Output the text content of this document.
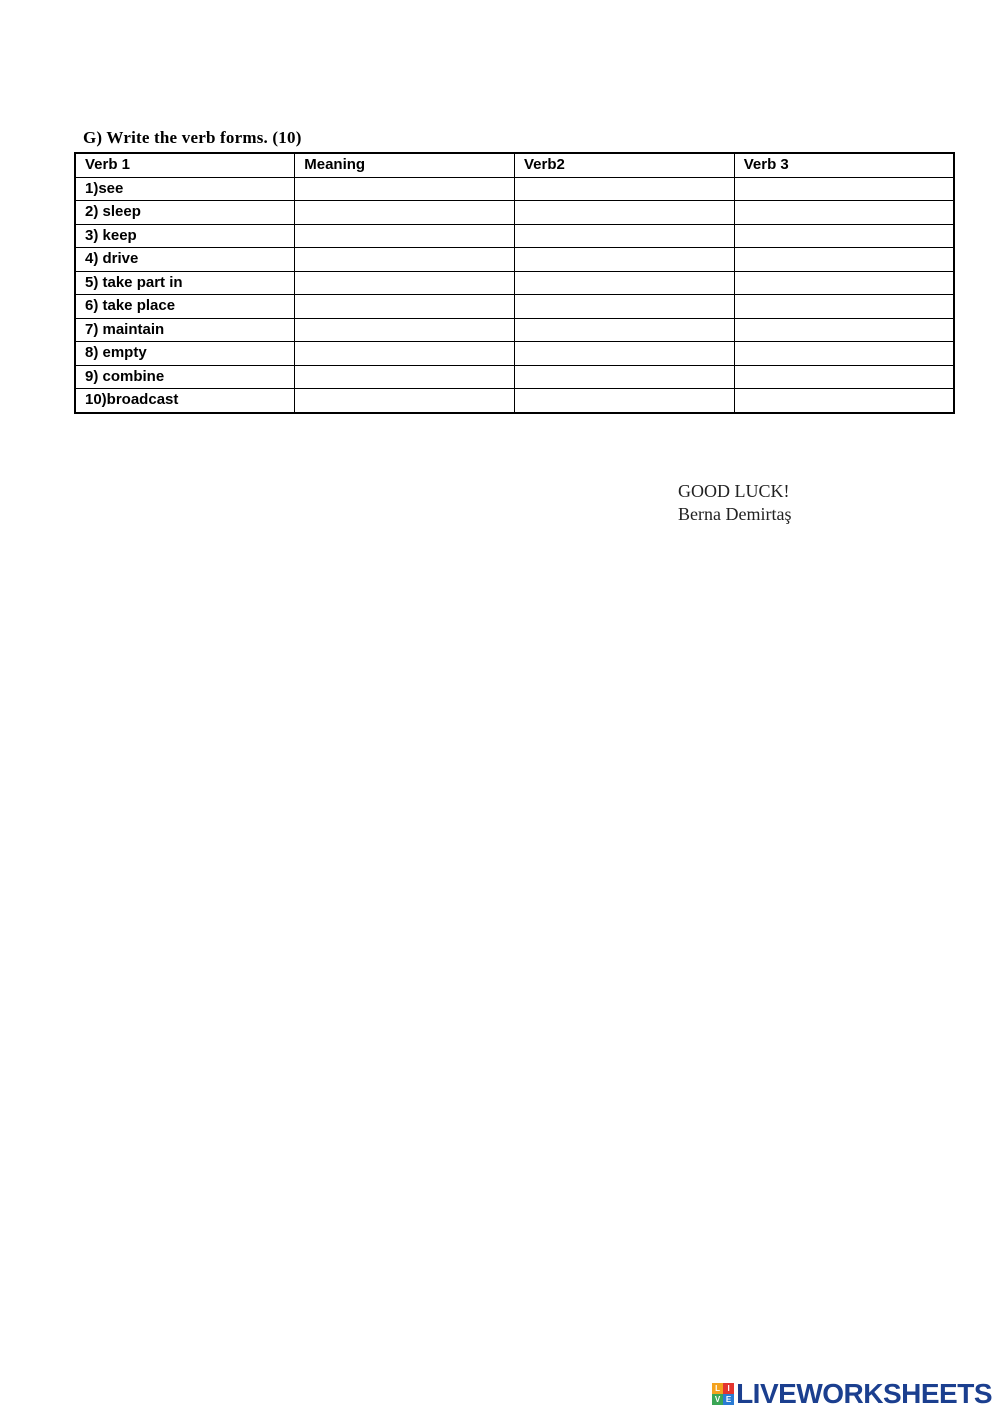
G) Write the verb forms. (10)
Verb 1	Meaning	Verb2	Verb 3
1)see			
2) sleep			
3) keep			
4) drive			
5) take part in			
6) take place			
7) maintain			
8) empty			
9) combine			
10)broadcast			
GOOD LUCK!
Berna Demirtaş
L I
V E LIVEWORKSHEETS
